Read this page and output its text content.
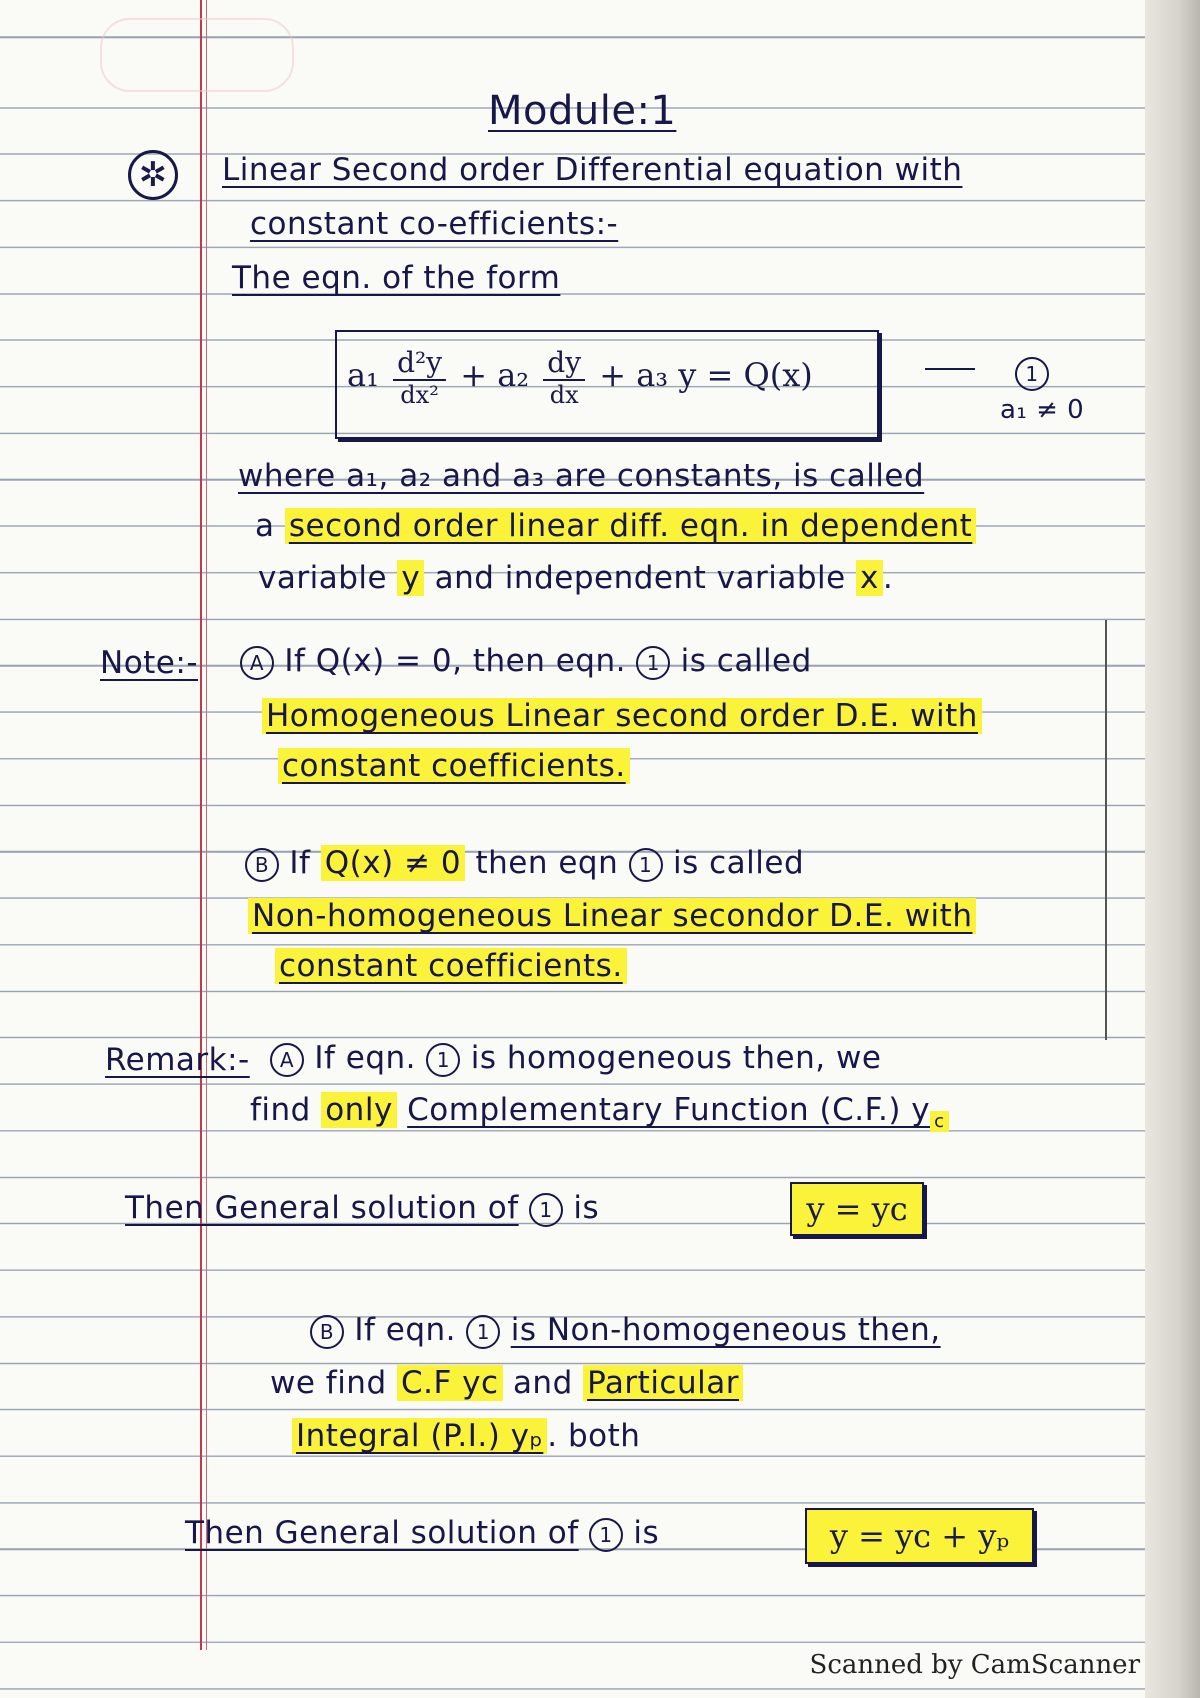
Module:1
✲	Linear Second order Differential equation with
constant co-efficients:-
The eqn. of the form
$a_1 \frac{\text{d²y}}{\text{dx²}} + a_2 \frac{dy}{dx} + a_3$ y = Q(x)	1
a₁ ≠ 0
where a₁, a₂ and a₃ are constants, is called
a second order linear diff. eqn. in dependent
variable y and independent variable x .
Note:-	A If Q(x) = 0, then eqn. 1 is called
Homogeneous Linear second order D.E. with
constant coefficients.
B If Q(x) ≠ 0 then eqn 1 is called
Non-homogeneous Linear secondor D.E. with
constant coefficients.
Remark:-	A If eqn. 1 is homogeneous then, we
find only Complementary Function (C.F.) y $_c$
Then General solution of 1 is	y = yᴄ
B If eqn. 1 is Non-homogeneous then,
we find C.F yᴄ and Particular
Integral (P.I.) yₚ . both
Then General solution of 1 is	y = yᴄ + yₚ
Scanned by CamScanner
